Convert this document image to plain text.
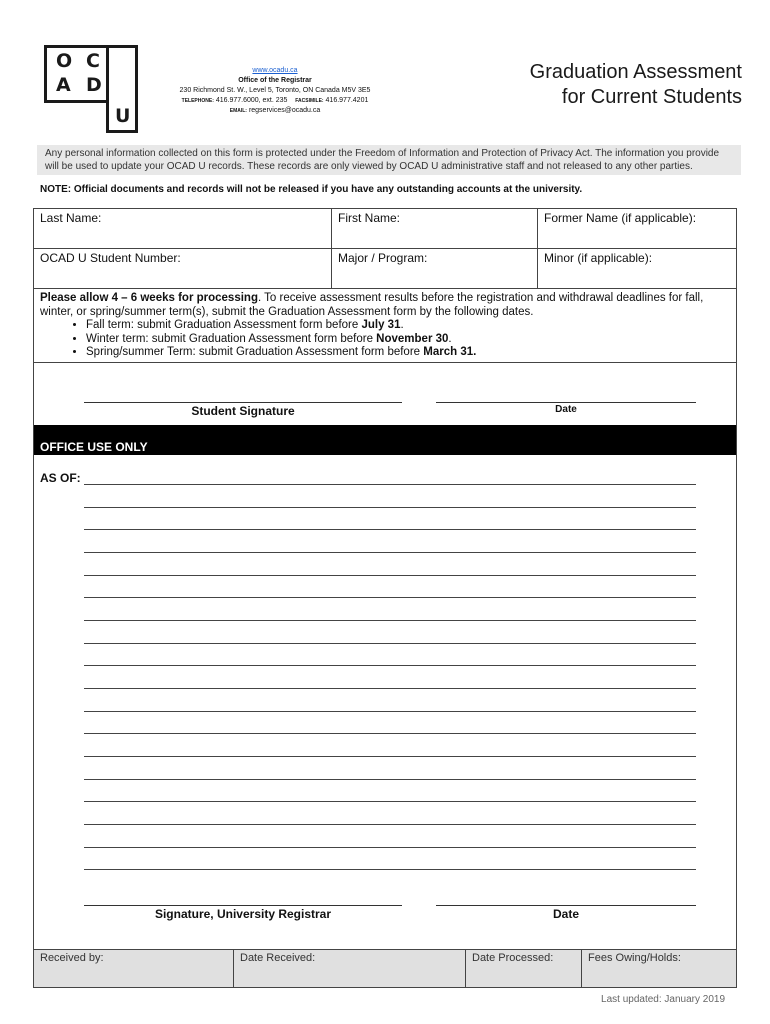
O C
A D
U
www.ocadu.ca
Office of the Registrar
230 Richmond St. W., Level 5, Toronto, ON Canada M5V 3E5
TELEPHONE: 416.977.6000, ext. 235 FACSIMILE: 416.977.4201
EMAIL: regservices@ocadu.ca
Graduation Assessment
for Current Students
Any personal information collected on this form is protected under the Freedom of Information and Protection of Privacy Act. The information you provide will be used to update your OCAD U records. These records are only viewed by OCAD U administrative staff and not released to any other parties.
NOTE: Official documents and records will not be released if you have any outstanding accounts at the university.
Last Name:	First Name:	Former Name (if applicable):
OCAD U Student Number:	Major / Program:	Minor (if applicable):
Please allow 4 – 6 weeks for processing. To receive assessment results before the registration and withdrawal deadlines for fall, winter, or spring/summer term(s), submit the Graduation Assessment form by the following dates.
• Fall term: submit Graduation Assessment form before July 31.
• Winter term: submit Graduation Assessment form before November 30.
• Spring/summer Term: submit Graduation Assessment form before March 31.
Student Signature	Date
OFFICE USE ONLY
AS OF:
Signature, University Registrar	Date
Received by:	Date Received:	Date Processed:	Fees Owing/Holds:
Last updated: January 2019
